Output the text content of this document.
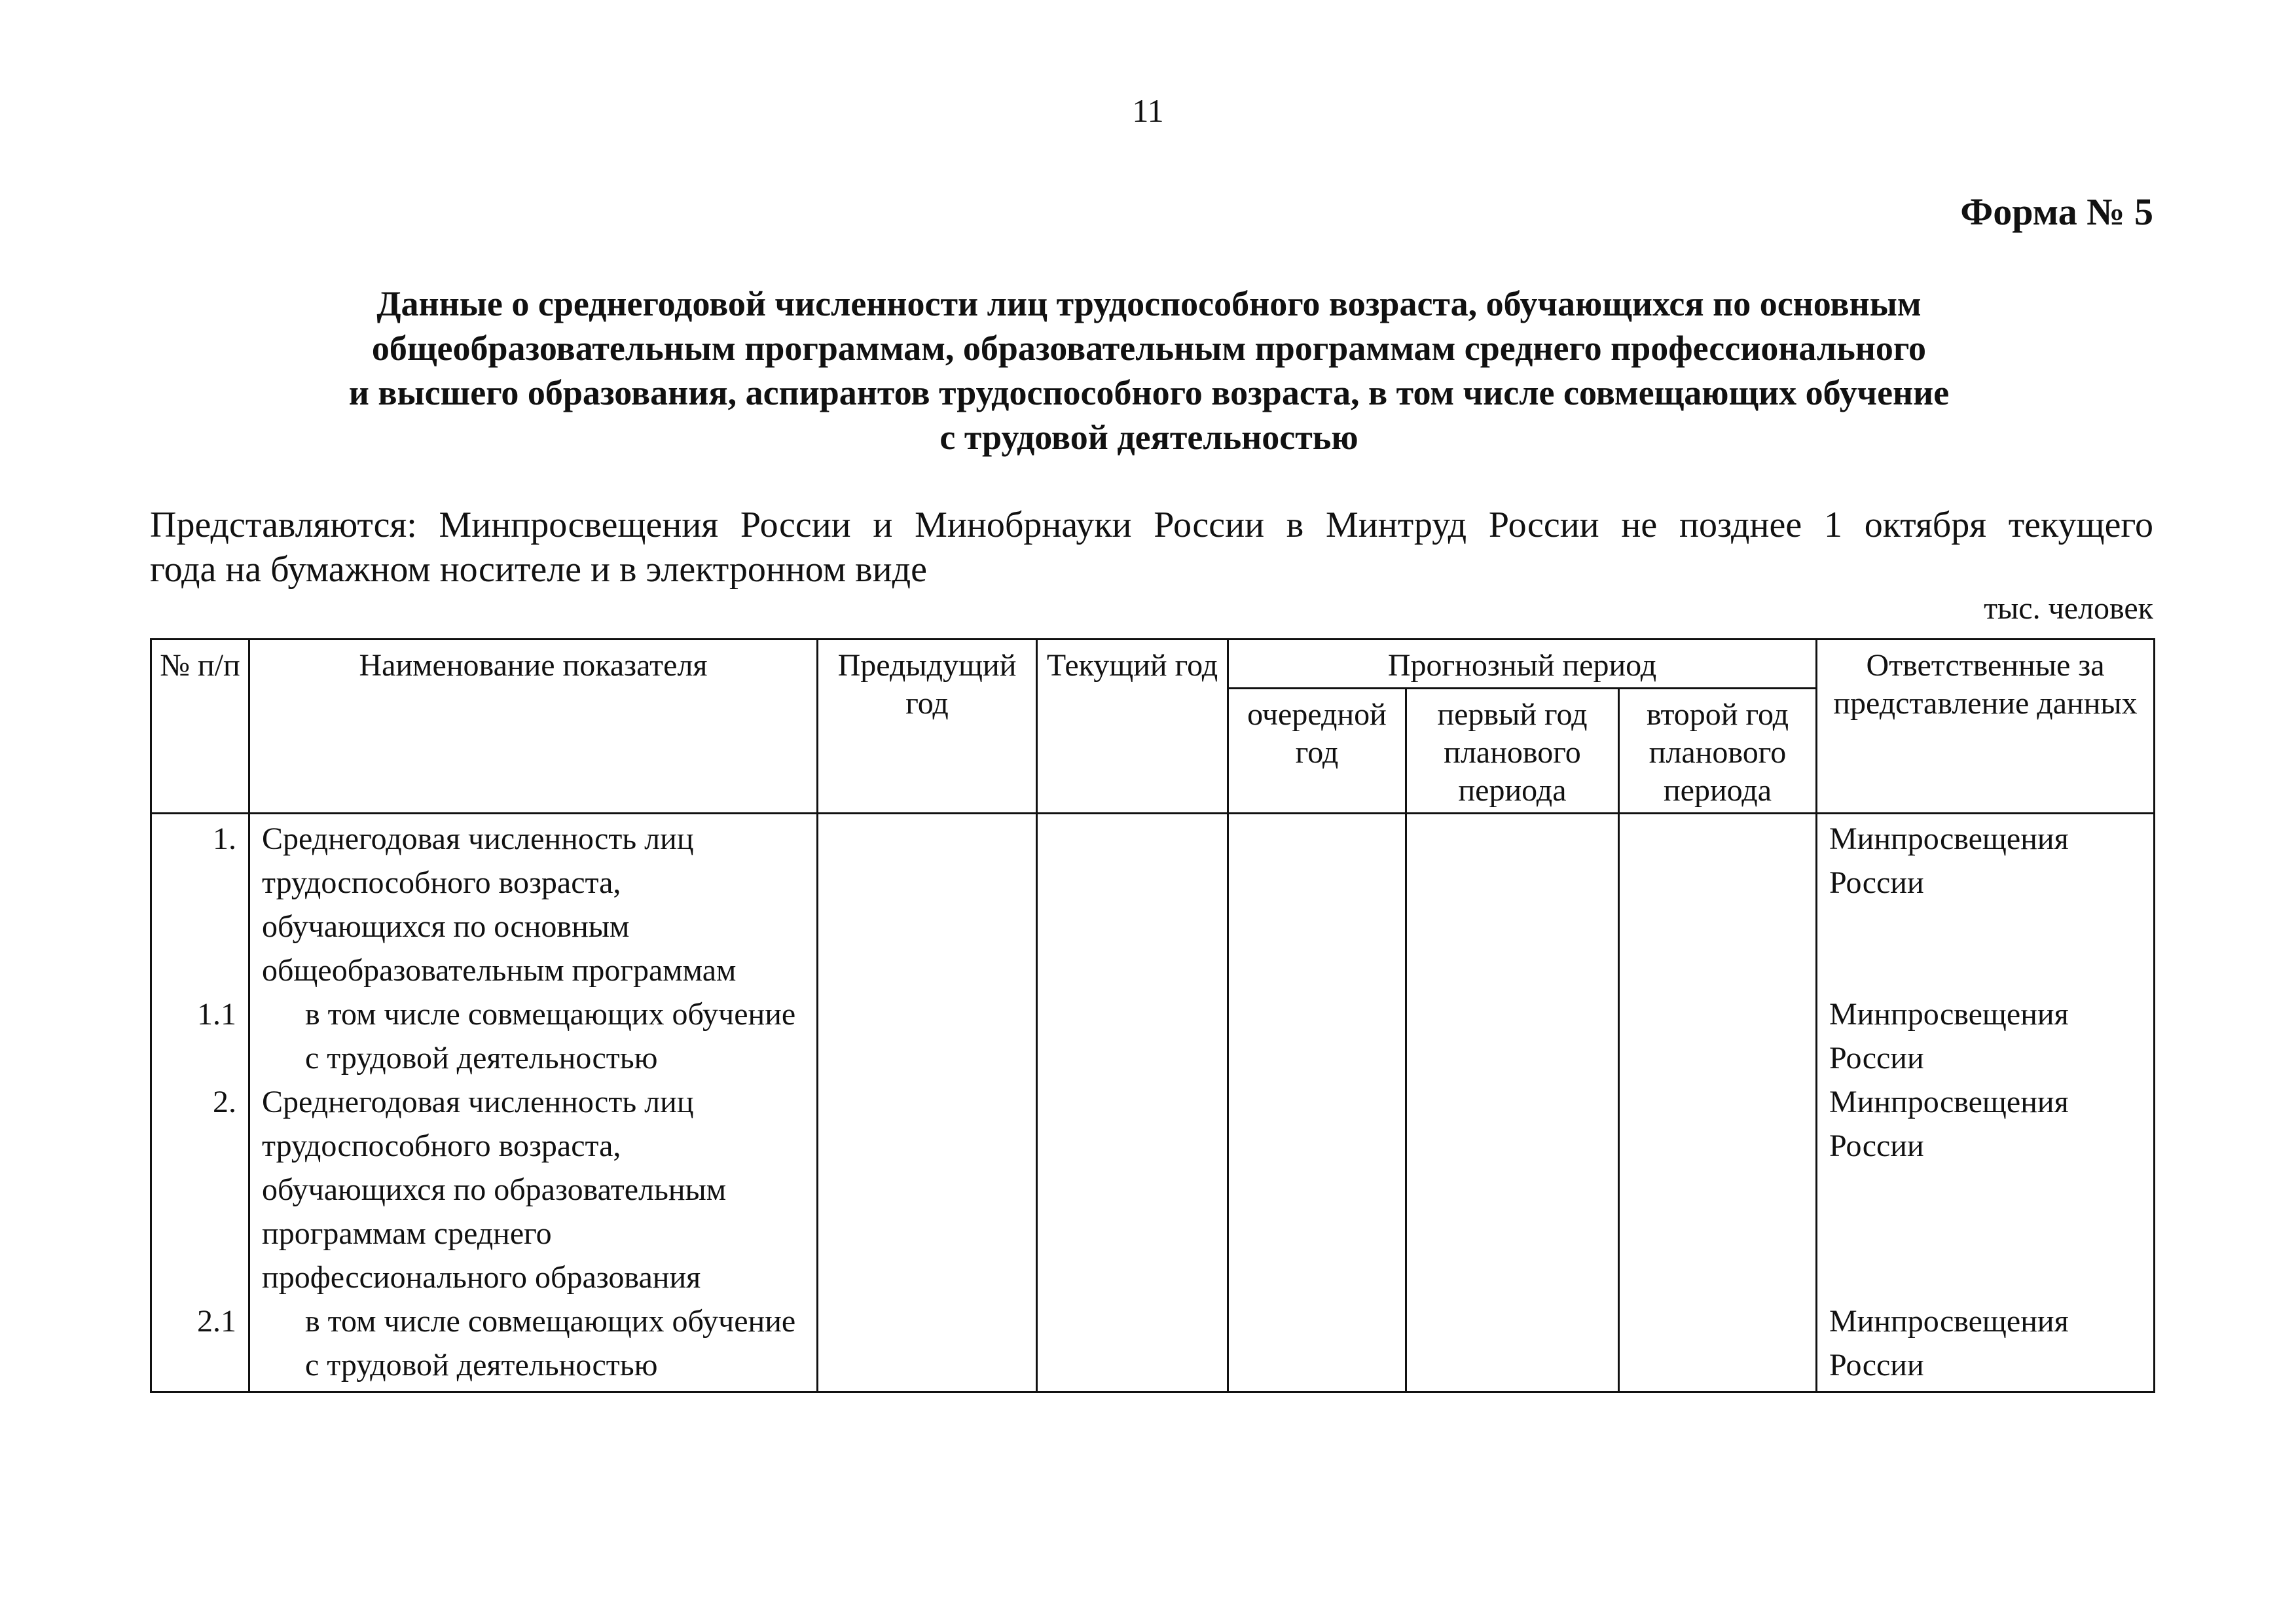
11
Форма № 5
Данные о среднегодовой численности лиц трудоспособного возраста, обучающихся по основным
общеобразовательным программам, образовательным программам среднего профессионального
и высшего образования, аспирантов трудоспособного возраста, в том числе совмещающих обучение
с трудовой деятельностью
Представляются: Минпросвещения России и Минобрнауки России в Минтруд России не позднее 1 октября текущего
года на бумажном носителе и в электронном виде
тыс. человек
№ п/п	Наименование показателя	Предыдущий год	Текущий год	Прогнозный период			Ответственные за представление данных
				очередной год	первый год планового периода	второй год планового периода	
1.	Среднегодовая численность лиц трудоспособного возраста, обучающихся по основным общеобразовательным программам						Минпросвещения России
1.1	в том числе совмещающих обучение с трудовой деятельностью						Минпросвещения России
2.	Среднегодовая численность лиц трудоспособного возраста, обучающихся по образовательным программам среднего профессионального образования						Минпросвещения России
2.1	в том числе совмещающих обучение с трудовой деятельностью						Минпросвещения России
